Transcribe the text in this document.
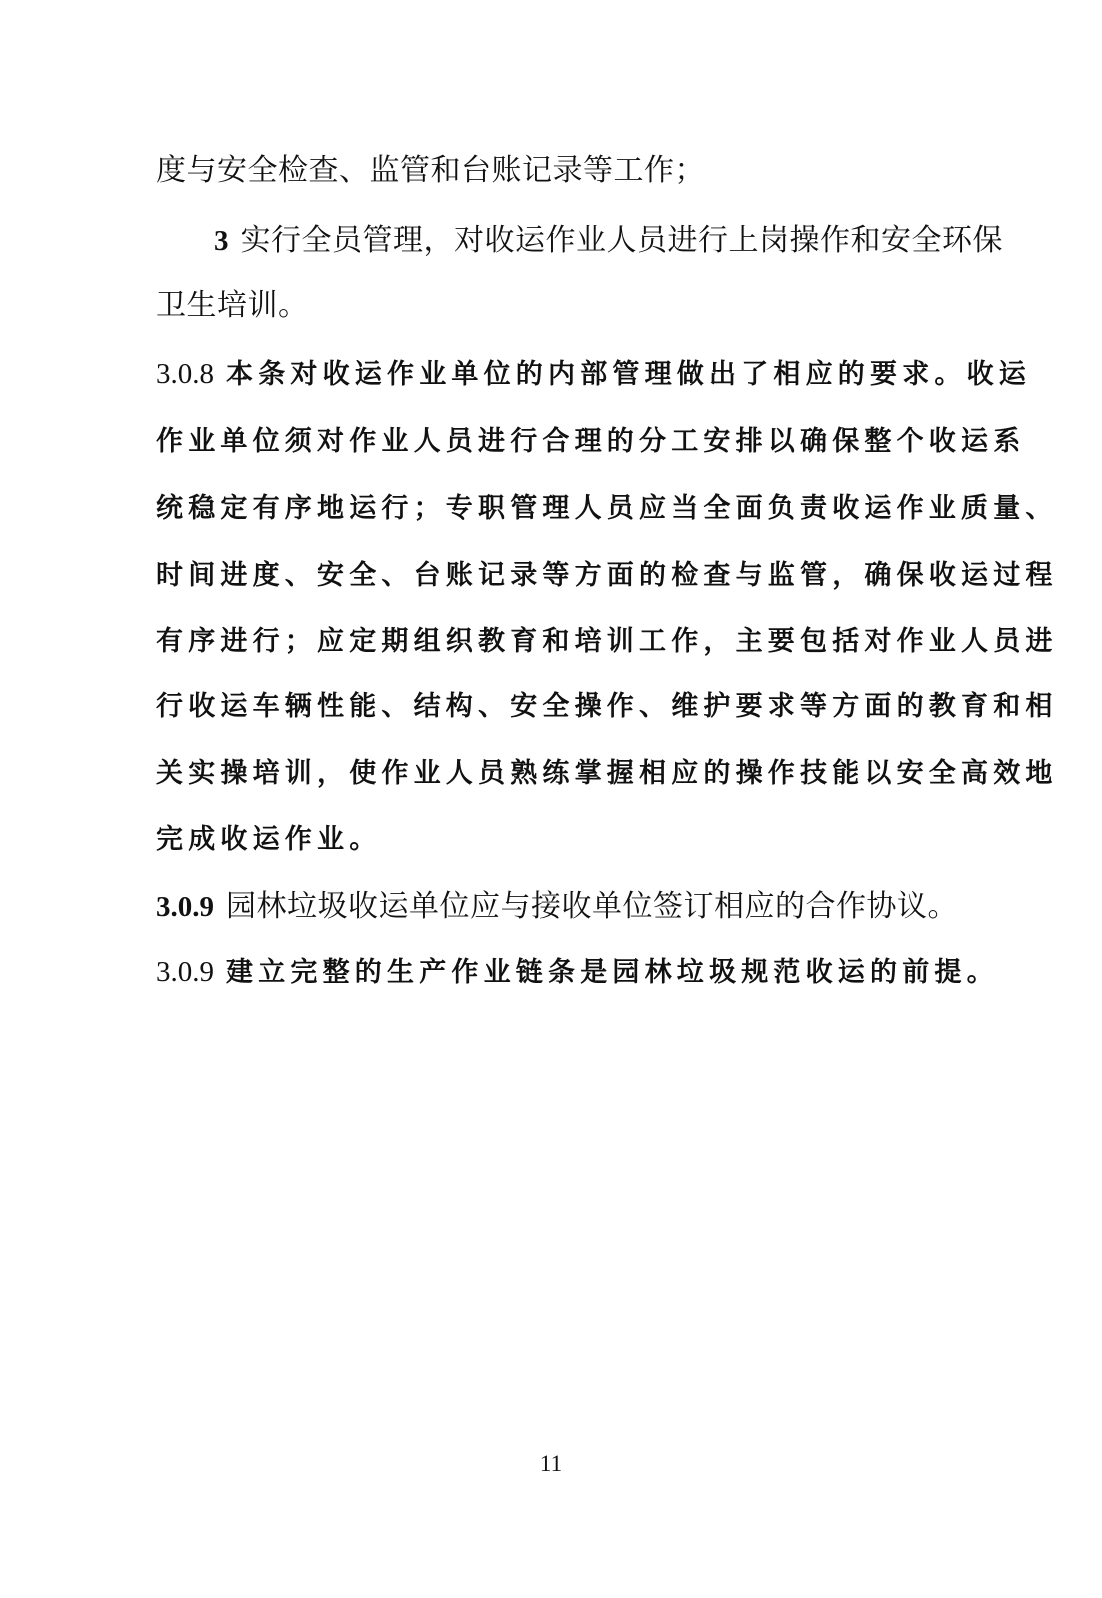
度与安全检查、监管和台账记录等工作；
3 实行全员管理，对收运作业人员进行上岗操作和安全环保
卫生培训。
3.0.8 本条对收运作业单位的内部管理做出了相应的要求。收运
作业单位须对作业人员进行合理的分工安排以确保整个收运系
统稳定有序地运行；专职管理人员应当全面负责收运作业质量、
时间进度、安全、台账记录等方面的检查与监管，确保收运过程
有序进行；应定期组织教育和培训工作，主要包括对作业人员进
行收运车辆性能、结构、安全操作、维护要求等方面的教育和相
关实操培训，使作业人员熟练掌握相应的操作技能以安全高效地
完成收运作业。
3.0.9 园林垃圾收运单位应与接收单位签订相应的合作协议。
3.0.9 建立完整的生产作业链条是园林垃圾规范收运的前提。
11
